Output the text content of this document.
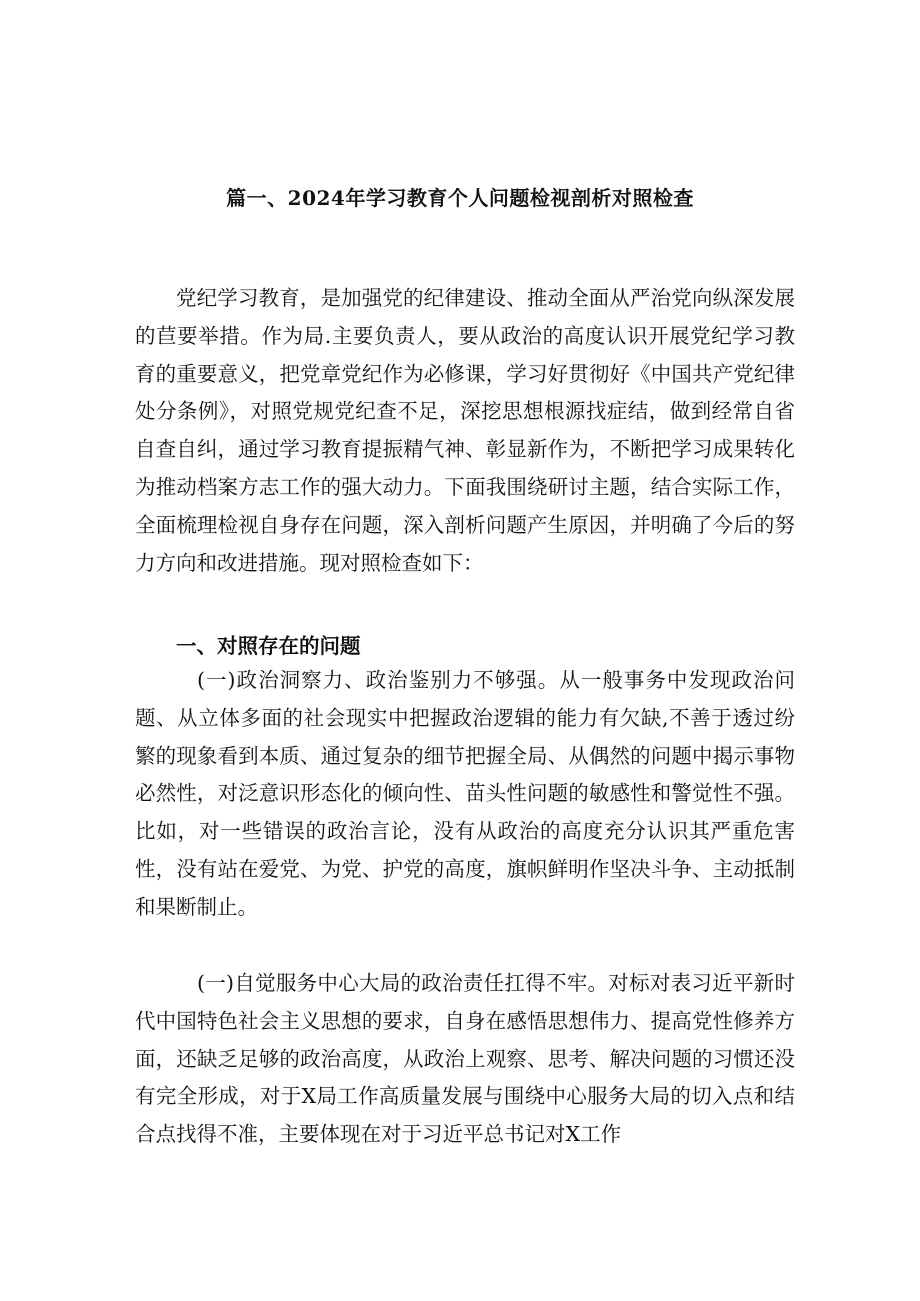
篇一、2024年学习教育个人问题检视剖析对照检查

党纪学习教育，是加强党的纪律建设、推动全面从严治党向纵深发展的苣要举措。作为局.主要负责人，要从政治的高度认识开展党纪学习教育的重要意义，把党章党纪作为必修课，学习好贯彻好《中国共产党纪律处分条例》，对照党规党纪查不足，深挖思想根源找症结，做到经常自省自查自纠，通过学习教育提振精气神、彰显新作为，不断把学习成果转化为推动档案方志工作的强大动力。下面我围绕研讨主题，结合实际工作，全面梳理检视自身存在问题，深入剖析问题产生原因，并明确了今后的努力方向和改进措施。现对照检查如下：

一、对照存在的问题

(一)政治洞察力、政治鉴别力不够强。从一般事务中发现政治问题、从立体多面的社会现实中把握政治逻辑的能力有欠缺,不善于透过纷繁的现象看到本质、通过复杂的细节把握全局、从偶然的问题中揭示事物必然性，对泛意识形态化的倾向性、苗头性问题的敏感性和警觉性不强。比如，对一些错误的政治言论，没有从政治的高度充分认识其严重危害性，没有站在爱党、为党、护党的高度，旗帜鲜明作坚决斗争、主动抵制和果断制止。

(一)自觉服务中心大局的政治责任扛得不牢。对标对表习近平新时代中国特色社会主义思想的要求，自身在感悟思想伟力、提高党性修养方面，还缺乏足够的政治高度，从政治上观察、思考、解决问题的习惯还没有完全形成，对于X局工作高质量发展与围绕中心服务大局的切入点和结合点找得不准，主要体现在对于习近平总书记对X工作
